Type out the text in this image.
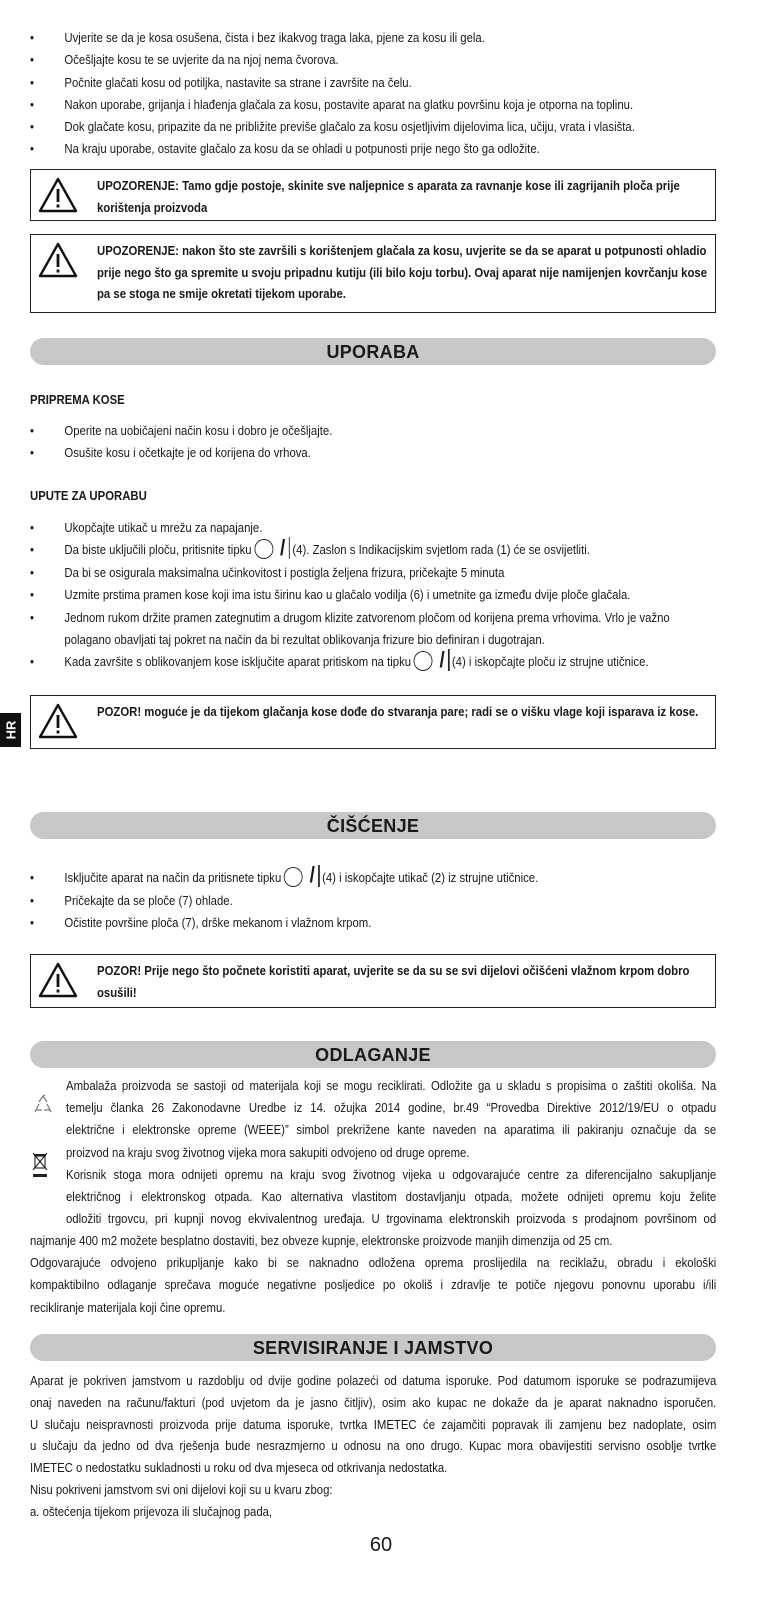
• Uvjerite se da je kosa osušena, čista i bez ikakvog traga laka, pjene za kosu ili gela.
• Očešljajte kosu te se uvjerite da na njoj nema čvorova.
• Počnite glačati kosu od potiljka, nastavite sa strane i završite na čelu.
• Nakon uporabe, grijanja i hlađenja glačala za kosu, postavite aparat na glatku površinu koja je otporna na toplinu.
• Dok glačate kosu, pripazite da ne približite previše glačalo za kosu osjetljivim dijelovima lica, učiju, vrata i vlasišta.
• Na kraju uporabe, ostavite glačalo za kosu da se ohladi u potpunosti prije nego što ga odložite.
UPOZORENJE: Tamo gdje postoje, skinite sve naljepnice s aparata za ravnanje kose ili zagrijanih ploča prije korištenja proizvoda
UPOZORENJE: nakon što ste završili s korištenjem glačala za kosu, uvjerite se da se aparat u potpunosti ohladio prije nego što ga spremite u svoju pripadnu kutiju (ili bilo koju torbu). Ovaj aparat nije namijenjen kovrčanju kose pa se stoga ne smije okretati tijekom uporabe.
UPORABA
PRIPREMA KOSE
• Operite na uobičajeni način kosu i dobro je očešljajte.
• Osušite kosu i očetkajte je od korijena do vrhova.
UPUTE ZA UPORABU
• Ukopčajte utikač u mrežu za napajanje.
• Da biste uključili ploču, pritisnite tipku / (4). Zaslon s Indikacijskim svjetlom rada (1) će se osvijetliti.
• Da bi se osigurala maksimalna učinkovitost i postigla željena frizura, pričekajte 5 minuta
• Uzmite prstima pramen kose koji ima istu širinu kao u glačalo vodilja (6) i umetnite ga između dvije ploče glačala.
• Jednom rukom držite pramen zategnutim a drugom klizite zatvorenom pločom od korijena prema vrhovima. Vrlo je važno
polagano obavljati taj pokret na način da bi rezultat oblikovanja frizure bio definiran i dugotrajan.
• Kada završite s oblikovanjem kose isključite aparat pritiskom na tipku / (4) i iskopčajte ploču iz strujne utičnice.
HR
POZOR! moguće je da tijekom glačanja kose dođe do stvaranja pare; radi se o višku vlage koji isparava iz kose.
ČIŠĆENJE
• Isključite aparat na način da pritisnete tipku / (4) i iskopčajte utikač (2) iz strujne utičnice.
• Pričekajte da se ploče (7) ohlade.
• Očistite površine ploča (7), drške mekanom i vlažnom krpom.
POZOR! Prije nego što počnete koristiti aparat, uvjerite se da su se svi dijelovi očišćeni vlažnom krpom dobro osušili!
ODLAGANJE
Ambalaža proizvoda se sastoji od materijala koji se mogu reciklirati. Odložite ga u skladu s propisima o zaštiti okoliša. Na
temelju članka 26 Zakonodavne Uredbe iz 14. ožujka 2014 godine, br.49 “Provedba Direktive 2012/19/EU o otpadu
električne i elektronske opreme (WEEE)” simbol prekrižene kante naveden na aparatima ili pakiranju označuje da se
proizvod na kraju svog životnog vijeka mora sakupiti odvojeno od druge opreme.
Korisnik stoga mora odnijeti opremu na kraju svog životnog vijeka u odgovarajuće centre za diferencijalno sakupljanje
električnog i elektronskog otpada. Kao alternativa vlastitom dostavljanju otpada, možete odnijeti opremu koju želite
odložiti trgovcu, pri kupnji novog ekvivalentnog uređaja. U trgovinama elektronskih proizvoda s prodajnom površinom od
najmanje 400 m2 možete besplatno dostaviti, bez obveze kupnje, elektronske proizvode manjih dimenzija od 25 cm.
Odgovarajuće odvojeno prikupljanje kako bi se naknadno odložena oprema proslijedila na reciklažu, obradu i ekološki
kompaktibilno odlaganje sprečava moguće negativne posljedice po okoliš i zdravlje te potiče njegovu ponovnu uporabu i/ili
recikliranje materijala koji čine opremu.
SERVISIRANJE I JAMSTVO
Aparat je pokriven jamstvom u razdoblju od dvije godine polazeći od datuma isporuke. Pod datumom isporuke se podrazumijeva
onaj naveden na računu/fakturi (pod uvjetom da je jasno čitljiv), osim ako kupac ne dokaže da je aparat naknadno isporučen.
U slučaju neispravnosti proizvoda prije datuma isporuke, tvrtka IMETEC će zajamčiti popravak ili zamjenu bez nadoplate, osim
u slučaju da jedno od dva rješenja bude nesrazmjerno u odnosu na ono drugo. Kupac mora obavijestiti servisno osoblje tvrtke
IMETEC o nedostatku sukladnosti u roku od dva mjeseca od otkrivanja nedostatka.
Nisu pokriveni jamstvom svi oni dijelovi koji su u kvaru zbog:
a. oštećenja tijekom prijevoza ili slučajnog pada,
60
